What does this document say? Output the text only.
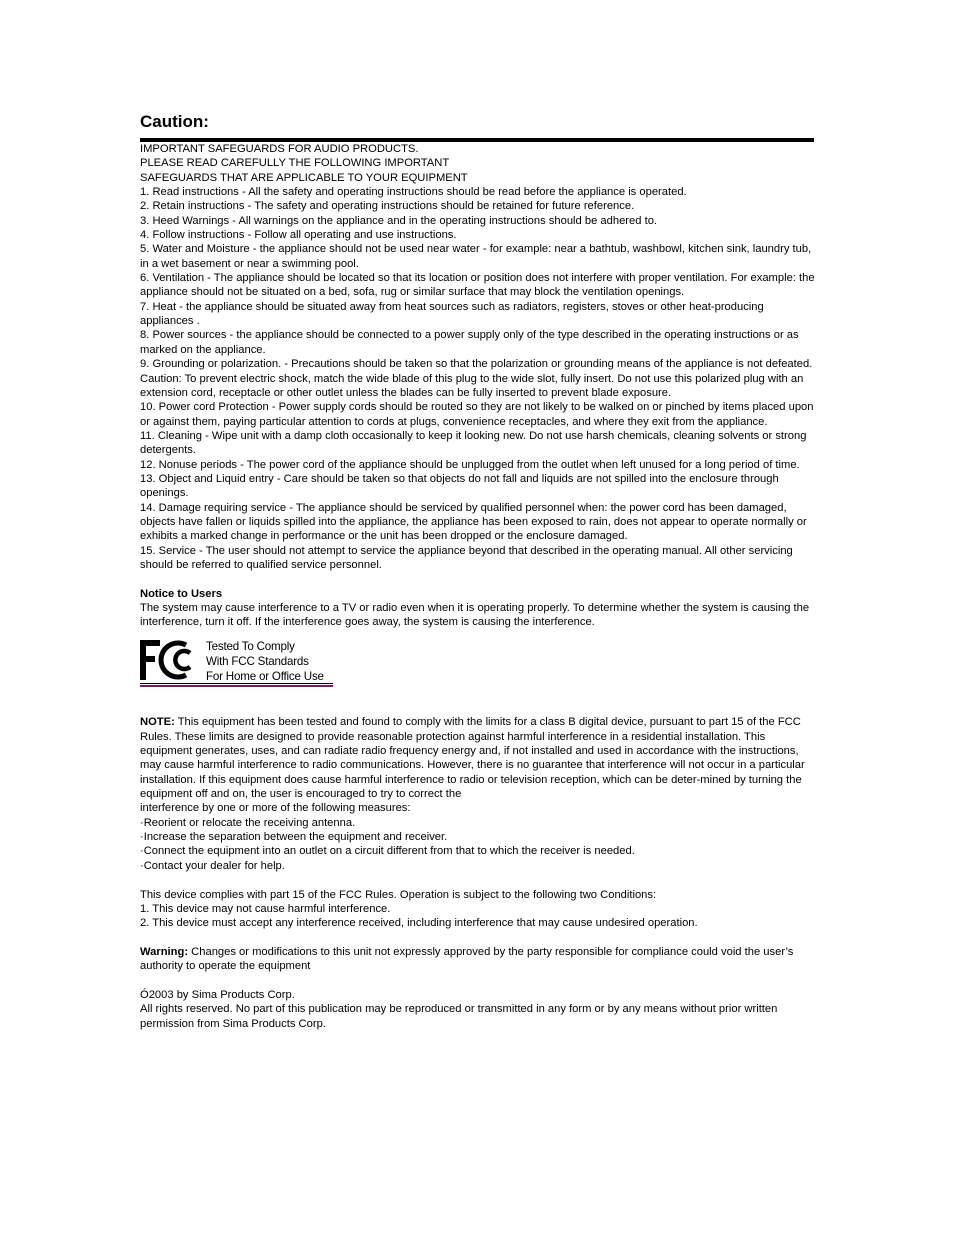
Caution:

IMPORTANT SAFEGUARDS FOR AUDIO PRODUCTS.

PLEASE READ CAREFULLY THE FOLLOWING IMPORTANT

SAFEGUARDS THAT ARE APPLICABLE TO YOUR EQUIPMENT

1. Read instructions - All the safety and operating instructions should be read before the appliance is operated.

2. Retain instructions - The safety and operating instructions should be retained for future reference.

3. Heed Warnings - All warnings on the appliance and in the operating instructions should be adhered to.

4. Follow instructions - Follow all operating and use instructions.

5. Water and Moisture - the appliance should not be used near water - for example: near a bathtub, washbowl, kitchen sink, laundry tub, in a wet basement or near a swimming pool.

6. Ventilation - The appliance should be located so that its location or position does not interfere with proper ventilation. For example: the appliance should not be situated on a bed, sofa, rug or similar surface that may block the ventilation openings.

7. Heat - the appliance should be situated away from heat sources such as radiators, registers, stoves or other heat-producing appliances .

8. Power sources - the appliance should be connected to a power supply only of the type described in the operating instructions or as marked on the appliance.

9. Grounding or polarization. - Precautions should be taken so that the polarization or grounding means of the appliance is not defeated.

Caution: To prevent electric shock, match the wide blade of this plug to the wide slot, fully insert. Do not use this polarized plug with an extension cord, receptacle or other outlet unless the blades can be fully inserted to prevent blade exposure.

10. Power cord Protection - Power supply cords should be routed so they are not likely to be walked on or pinched by items placed upon or against them, paying particular attention to cords at plugs, convenience receptacles, and where they exit from the appliance.

11. Cleaning - Wipe unit with a damp cloth occasionally to keep it looking new. Do not use harsh chemicals, cleaning solvents or strong detergents.

12. Nonuse periods - The power cord of the appliance should be unplugged from the outlet when left unused for a long period of time.

13. Object and Liquid entry - Care should be taken so that objects do not fall and liquids are not spilled into the enclosure through openings.

14. Damage requiring service - The appliance should be serviced by qualified personnel when: the power cord has been damaged, objects have fallen or liquids spilled into the appliance, the appliance has been exposed to rain, does not appear to operate normally or exhibits a marked change in performance or the unit has been dropped or the enclosure damaged.

15. Service - The user should not attempt to service the appliance beyond that described in the operating manual. All other servicing should be referred to qualified service personnel.

Notice to Users

The system may cause interference to a TV or radio even when it is operating properly. To determine whether the system is causing the interference, turn it off. If the interference goes away, the system is causing the interference.

Tested To Comply
With FCC Standards
For Home or Office Use

NOTE: This equipment has been tested and found to comply with the limits for a class B digital device, pursuant to part 15 of the FCC Rules. These limits are designed to provide reasonable protection against harmful interference in a residential installation. This equipment generates, uses, and can radiate radio frequency energy and, if not installed and used in accordance with the instructions, may cause harmful interference to radio communications. However, there is no guarantee that interference will not occur in a particular installation. If this equipment does cause harmful interference to radio or television reception, which can be deter-mined by turning the equipment off and on, the user is encouraged to try to correct the

interference by one or more of the following measures:

·Reorient or relocate the receiving antenna.

·Increase the separation between the equipment and receiver.

·Connect the equipment into an outlet on a circuit different from that to which the receiver is needed.

·Contact your dealer for help.

This device complies with part 15 of the FCC Rules. Operation is subject to the following two Conditions:

1. This device may not cause harmful interference.

2. This device must accept any interference received, including interference that may cause undesired operation.

Warning: Changes or modifications to this unit not expressly approved by the party responsible for compliance could void the user’s authority to operate the equipment

Ó2003 by Sima Products Corp.

All rights reserved. No part of this publication may be reproduced or transmitted in any form or by any means without prior written permission from Sima Products Corp.
